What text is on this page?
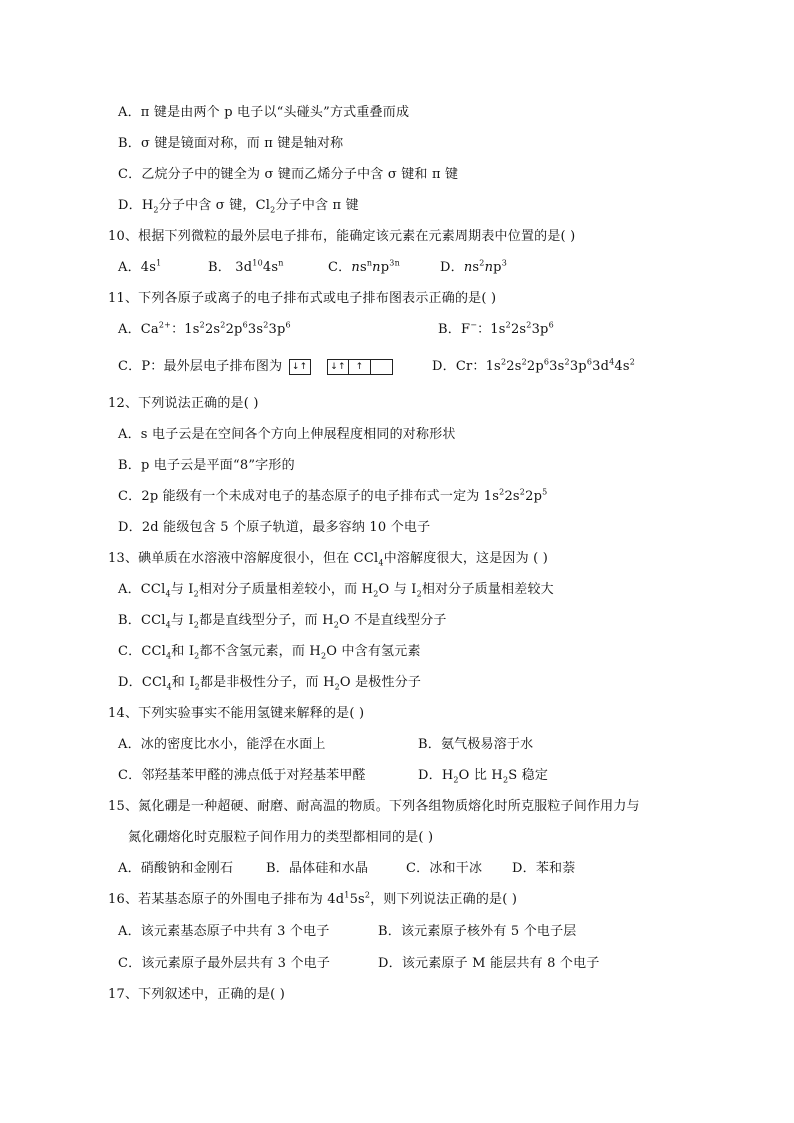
A．π 键是由两个 p 电子以“头碰头”方式重叠而成
B．σ 键是镜面对称，而 π 键是轴对称
C．乙烷分子中的键全为 σ 键而乙烯分子中含 σ 键和 π 键
D．$H_2$分子中含 σ 键，$Cl_2$分子中含 π 键
10、根据下列微粒的最外层电子排布，能确定该元素在元素周期表中位置的是( )
A．$4s^1$	B． $3d^{10}4s^n$	C．$ns^nnp^{3n}$	D．$ns^2np^3$
11、下列各原子或离子的电子排布式或电子排布图表示正确的是( )
A．$Ca^{2+}$：$1s^22s^22p^63s^23p^6$	B．F−：$1s^22s^23p^6$
C．P：最外层电子排布图为 ↓↑
	↓↑ ↑	D．Cr：$1s^22s^22p^63s^23p^63d^44s^2$
12、下列说法正确的是( )
A．s 电子云是在空间各个方向上伸展程度相同的对称形状
B．p 电子云是平面“8”字形的
C．2p 能级有一个未成对电子的基态原子的电子排布式一定为 $1s^22s^22p^5$
D．2d 能级包含 5 个原子轨道，最多容纳 10 个电子
13、碘单质在水溶液中溶解度很小，但在 CCl$_4$中溶解度很大，这是因为 ( )
A．CCl$_4$与 $I_2$相对分子质量相差较小，而 $H_2O$ 与 $I_2$相对分子质量相差较大
B．CCl$_4$与 $I_2$都是直线型分子，而 $H_2O$ 不是直线型分子
C．CCl$_4$和 $I_2$都不含氢元素，而 $H_2O$ 中含有氢元素
D．CCl$_4$和 $I_2$都是非极性分子，而 $H_2O$ 是极性分子
14、下列实验事实不能用氢键来解释的是( )
A．冰的密度比水小，能浮在水面上	B．氨气极易溶于水
C．邻羟基苯甲醛的沸点低于对羟基苯甲醛	D．$H_2O$ 比 $H_2S$ 稳定
15、氮化硼是一种超硬、耐磨、耐高温的物质。下列各组物质熔化时所克服粒子间作用力与
氮化硼熔化时克服粒子间作用力的类型都相同的是( )
A．硝酸钠和金刚石	B．晶体硅和水晶	C．冰和干冰 D．苯和萘
16、若某基态原子的外围电子排布为 $4d^15s^2$，则下列说法正确的是( )
A．该元素基态原子中共有 3 个电子	B．该元素原子核外有 5 个电子层
C．该元素原子最外层共有 3 个电子	D．该元素原子 M 能层共有 8 个电子
17、下列叙述中，正确的是( )
